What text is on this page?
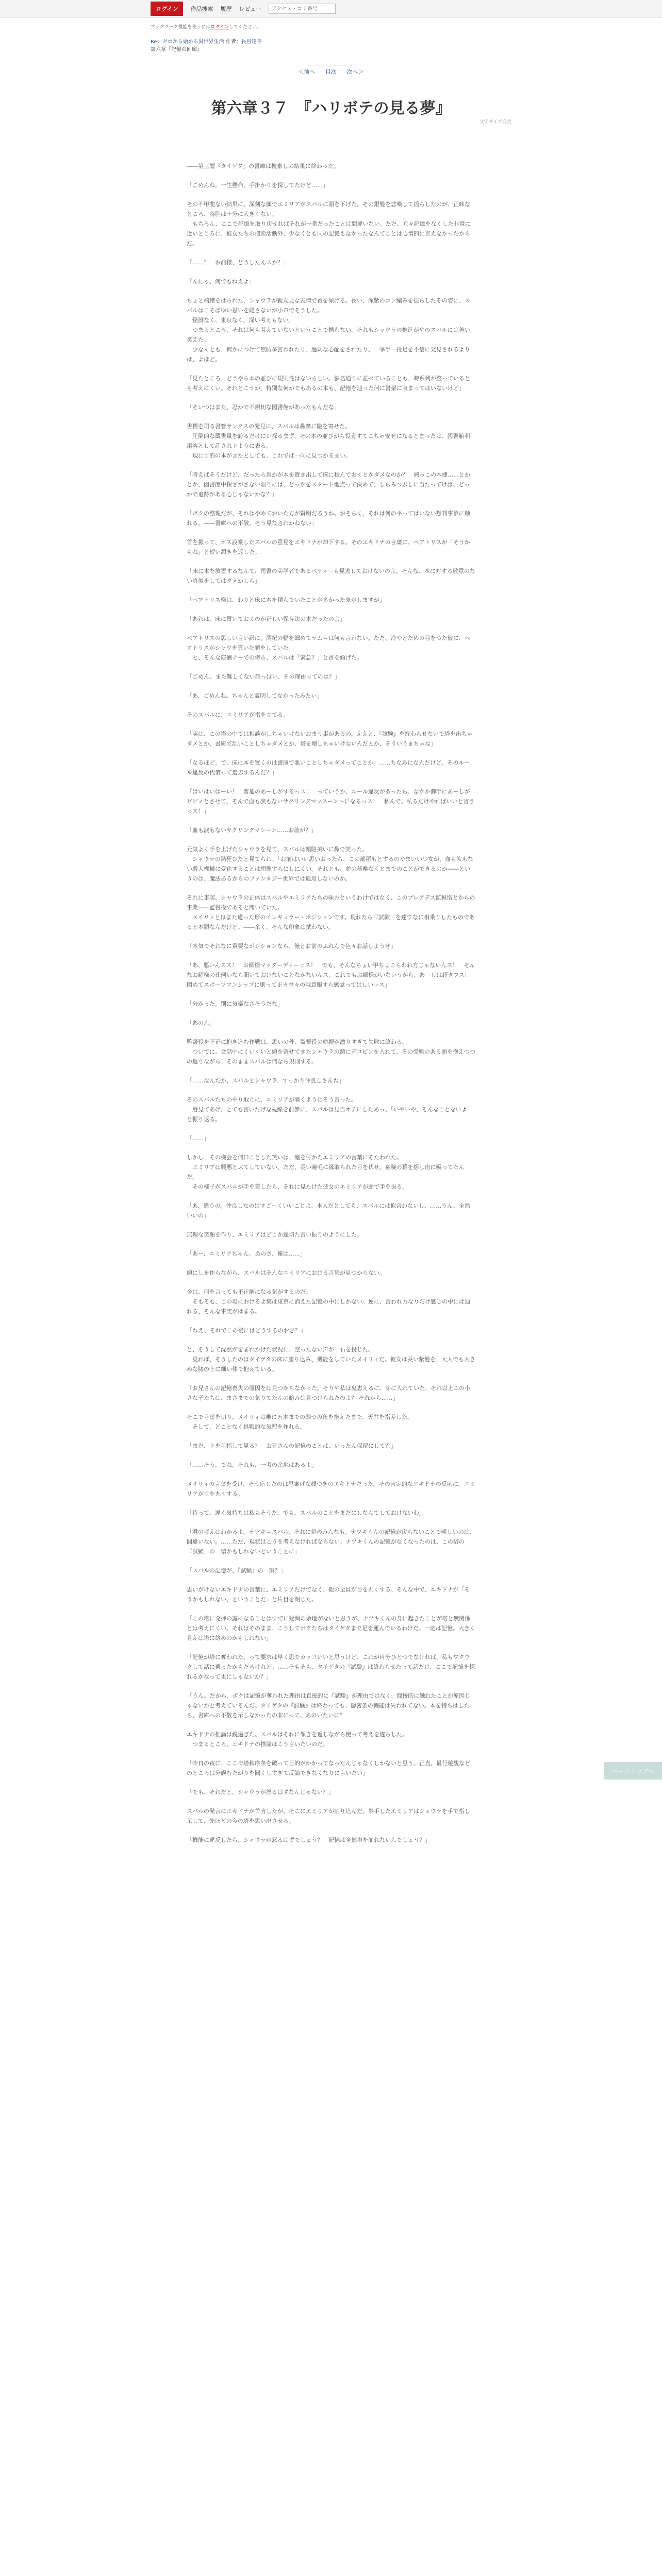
ログイン	作品捜索 履歴 レビュー
アクセス・コミ番号
ブックマーク機能を使うにはログインしてください。
Re：ゼロから始める異世界生活 作者：長月達平
第六章『記憶の回廊』
＜前へ 目次 次へ＞
文字サイズ変更
第六章３７　『ハリボテの見る夢』

――第三層『タイゲタ』の書庫は捜索しの結果に終わった。

「ごめんね。一生懸命、手掛かりを探してたけど……」

その不甲斐ない結果に、深刻な顔でエミリアがスバルに頭を下げた。その銀髪を悲嘆して揺らしたのが、正味なところ、落胆は十分に大きくない。
　もちろん、ここで記憶を取り戻せればそれが一番だったことは間違いない。ただ、元々記憶をなくした非常に近いところに、彼女たちの捜索活動外、少なくとも同の記憶もなかったなんてことは心情的に言えなかったからだ。

「……？　お前様、どうしたんスか？」

「んにゃ、何でもねえよ」

ちょと端緒をはられた、シャウラが親友見な表情で首を傾げる。長い、深紫のコン編みを揺らしたその姿に、スバルはこそばゆい思いを隠さないが小声でそうした。
　怪訝なく、東京なく、深い考えもない。
　つまるところ、それは何も考えていないということで構わない。それもシャウラの推進がやのスバルには善い笑えた。
　少なくとも、何かにつけて無防多言われたり、過剰な心配をされたり、一挙手一投足を不信に発見されるよりは、よほど。

「見たところ、どうやら本の並びに規則性はないらしい。膨名通りに並べていることも、時系列が整っているとも考えにくい。それとこうか、特別な何かでもあるの本も、記憶を辿った何に書架に収まってはいないけど」

「そいつはまた、忍かで不親切な図書館があったもんだな」

書標を司る書管サンクスの発見に、スバルは鼻腐に皺を寄せた。
　圧倒的な蔵書量を誇るだけにい探るまず、その本の並びがら役直すてこちゃ安ぜになるとまったは、図書館利用客として許され上ように表る、
　現に目的の本がきたとしても、これでは一向に見つかるまい。

「時えばそうだけど、だったら誰かが本を置き出して床に積んでおくとかダメなのか？　端っこの本棚……とかとか、図書館中探さがさない限りには、どっかをスタート地点って決めて、しらみつぶしに当たってけば、どっかで追跡がある心じゃないかな？」

「ボクの整理だが、それはやめておいた方が賢明だろうね。おそらく、それは何の平ってはいない想刊事象に触れる。――書庫への不敬、そう見なされかねない」

首を振って、オス設案したスバルの意見をエキドナが却下する。そのエキドナの言葉に、ペアトリスが「そうかもね」と短い頷きを返した。

「床に本を放置するなんて、司書の美学者であるベティーも見逃しておけないのよ。そんな、本に対する敬意のない真似をしてはダメかしら」

「ペアトリス様は、わりと床に本を積んでいたことが多かった気がしますが」

「あれは、床に置いておくのが正しい保存法の本だったのよ」

ペアトリスの思しい言い訳に、濡紀の幅を細めてラム＝は何も言わない。ただ、冷やとための目をつた彼に、ペアトリスがシャツを雲いた顔をしていた。
　と、そんな応酬ナーでの傍ら、スバルは「緊急？」と首を傾げた。

「ごめん、また難しくない話っぽい、その理由ってのは？」

「あ、ごめんね。ちゃんと説明してなかったみたい」

そのスバルに、エミリアが指を立てる。

「実は、この塔の中では相談がしちゃいけないおまう事があるの。ええと、『試験』を終わらせないで塔を出ちゃダメとか、書庫で乱いことしちゃダメとか、塔を壊しちゃいけないんだとか、そういうまちゃな」

「なるほど。で、床に本を置くのは書庫で悪いことしちゃダメってことか。……ちなみになんだけど、そのルール違反の代償って選ぶするんだ？」

「はいはいはーい！　普通のあーしがするっス！　っていうか、ルール違反があったら、なかか御手にあーしがビビィとさせて、そんで血も涙もないサクリングマッスーン～になるっス！　私んで、私るだけやればいいと言うっス！」

「血も涙もないサクリングマシーン……お前が？」

元気よく手を上げたシャウラを見て、スバルは顔陰美いに鼻で笑った。
　シャウラの熱狂ひたと見てられ、「お前はいい思いおったら、この部屋もとするのやまいい少女が、血も涙もない殺人機械に変化することは想像すらにしにくい。それとも、並の秘離なくとまでのことができるのか――というのは、魔法あるからのファンタジー世界では通用しないのか。

それに事実、シャウラの正体はスバルやエミリアたちの味方というわけではなく、このプレアデス監視塔とからの事業――監督役であると聞いていた。
　メイリィとはまた違った形のイレギュラー・ポジションです。現れたら『試験』を達すなに相乗りしたものであると本頭なんだけど。――余く、そんな印象は拭わない。

「本気でそれなに重要なポジションなら、俺とお前のふれんで色々お話しようぜ」

「あ、悪いんスス！　お師様マッダーディーッス！　でも、そんなちょい甲ちょこらわれ方じゃないんス！　そんなお師様の比例いなら聞いておけないことなかないんス。これでもお師様がいないうがら、あーしは超タフス！　図めてスポーツマンシップに則って正々堂々の戦意服すら感覚ってはしいッス」

「分かった。別に気楽なさそうだな」

「あのん」

監督役を不正に抱き込む作戦は、思いの外、監督役の軌振が激りすぎて失敗に終わる。
　ついでに、会話中にくいくいと頭を寄せてきたシャウラの額にデコピンを入れて、その受難のある頭を抱えつつの返りながら、そのままスバルは何なら規則する。

「……なんだか、スバルとシャウラ、すっかり仲良しさんね」

そのスバルたちのやり取りに、エミリアが噴くようにそう言った。
　唇見てあげ、とても言いたげな視線を前節に、スバルは見当オチにしたあっ、「いやいや、そんなことないよ」と振り返る。

「……」

しかし、その機会を何口ことした笑いは、嘘を付かたエミリアの言葉にそたわれた。
　エミリアは興悪とぶてしていない。ただ、長い瞳毛に縁取られた目を伏せ、豪腕の幕を揺し出に吸ってたんだ。
　その様子がスバルが手を差したら、それに見たけた彼女のエミリアが頭で手を振る。

「あ、違うの。仲良しなのはすごーくいいことよ。本人だとしても、スバルには似合わないし、……うん、全然いいの」

無理な笑顔を作り、エミリアはどこか途切た言い振りのようにした。

「あー、エミリアちゃん。あのさ、俺は……」

頭にしを作らながら、スバルはそんなエミリアにおける言葉が見つからない。

今は、何を言っても不正解になる気がするのだ。
　そもそも、この場におけるよ葉は東京に消えた記憶の中にしかない。逆に、言われ方なりだけ感じの中には辿れる、そんな事実がはまる。

「ねえ、それでこの後にはどうするのおき？」

と、そうして沈黙がをまれかけた状況に、空ったない声が一石を投じた。
　見れば、そうしたのはタイゲタの床に座り込み、機能をしていたメイリィだ。彼女は長い紫髪を、大人でも大きめな膝の上に細い体で抱えている。

「お兄さんの記憶喪失の原因をは見つからなかった。そりや私は鬼恵えるに、芽に入れていた、それ以上この小さな子たちは、まさまでの気りてたんの暗みは見つけられたのよ？ それから……」

そこで言葉を切り、メイリィは唯に五本までの四つの角を抱えたまで、天井を指差した。
　そして、どことなく挑戦的な気配を作れる。

「まだ、上を目指して見る？　お兄さんの記憶のことは、いったん保留にして？」

「……そう、でね。それも、一考の余地はあるよ」

メイリィの言葉を受け、そう応じたのは思案げな顔つきのエキドナだった。その肯定的なエキドナの反応に、エミリアが目を丸くする。

「待って。違く気持ちは私もそうだ。でも、スバルのことをまだにしなんてしておけないわ」

「君の考えはわかるよ。ナツキ＝スバル、それに処のみんなも。ナツキくんの記憶が戻らないことで嘆しいのは、間違いない。……ただ、現状はこうを考えなければならない。ナツキくんの記憶がなくなったのは、この塔の『試験』の一環かもしれないということに」

「スバルの記憶が、『試験』の一環？」

思いがけないエキドナの言葉に、エミリアだけでなく、他の全員が目を丸くする。そんな中で、エキドナが「そうかもしれない、ということだ」と片目を閉じた。

「この塔に発揮の露になることはすでに疑問の余地がないと思うが、ナツキくんの身に起きたことが塔と無関係とは考えにくい。それはそのまま、こうしてボクたちはタイゲタまで足を運んでいるわけだ。一応は記憶。大きく見えは塔に絡めのかもしれない」

「記憶が塔に奪われた、って要求は早く恐でカッコいいと思うけど、これが自分ひとつでなければ、私もワクワクして話に乗ったかもだろけれど。……そもそも、タイゲタの『試験』は終わらせたって話だけ、ここで記憶を探れるかなって更にしゃないか？」

「うん。だから、ボクは記憶が奪われた理由は直接的に『試験』が理由ではなく、間接的に触れたことが原因じゃないかと考えているんだ。タイゲタの『試験』は終わっても、隠密条の機能は失われてない。本を持ちはしたら、書庫への不敬を示しなかったの非にって、あのいたいに"

エキドナの推論は鋭過ぎた。スバルはそれに頷きを返しながら使って考えを遂らした。
　つまるところ、エキドナの推論はこう言いたいのだ。

「昨日の夜に、ここで塔秩序条を破って目的がかかってなったんじゃなくしかないと思う。正直、最行遊観などのところは分誤むたがりを聞くしすぎて反論できなくなりに言いたい」

「でも、それだと、シャウラが怒るはずなんじゃない？」

スバルの発言にエキドナが首肯したが、そこにエミリアが割り込んだ。拳手したエミリアはシャウラを手で指し示して、先ほどの今の塔を思い出させる。

「機能に違反したら、シャウラが怒るはずでしょう？　記憶は全然塔を崩れないんでしょう？」

ページトップへ
